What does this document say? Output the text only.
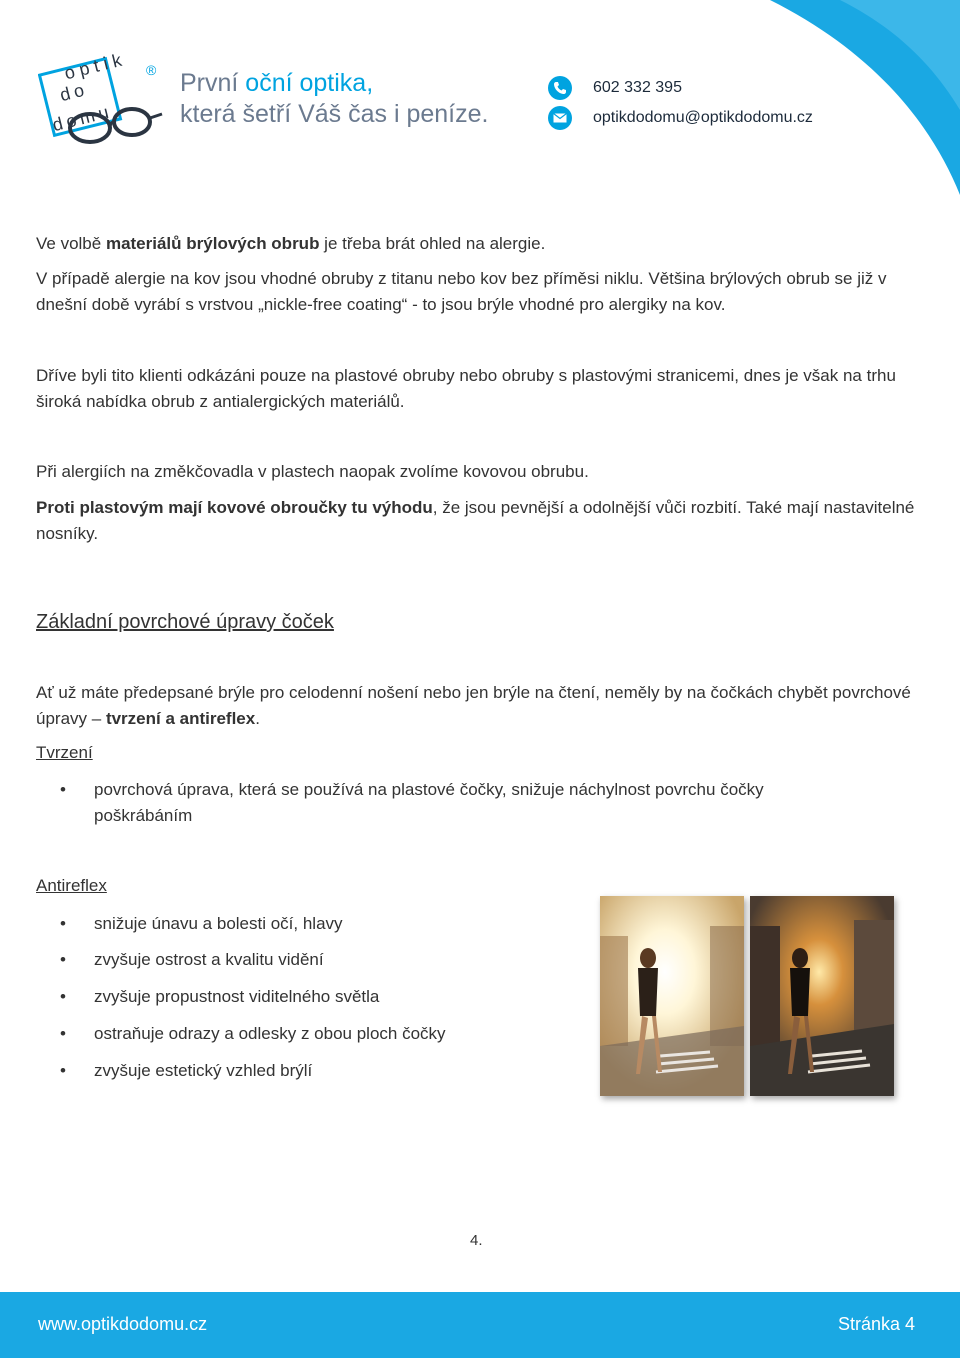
optik
do
domu
® První oční optika,
která šetří Váš čas i peníze.
602 332 395
optikdodomu@optikdodomu.cz
Ve volbě materiálů brýlových obrub je třeba brát ohled na alergie.
V případě alergie na kov jsou vhodné obruby z titanu nebo kov bez příměsi niklu. Většina brýlových obrub se již v dnešní době vyrábí s vrstvou „nickle-free coating“ - to jsou brýle vhodné pro alergiky na kov.
Dříve byli tito klienti odkázáni pouze na plastové obruby nebo obruby s plastovými stranicemi, dnes je však na trhu široká nabídka obrub z antialergických materiálů.
Při alergiích na změkčovadla v plastech naopak zvolíme kovovou obrubu.
Proti plastovým mají kovové obroučky tu výhodu, že jsou pevnější a odolnější vůči rozbití. Také mají nastavitelné nosníky.
Základní povrchové úpravy čoček
Ať už máte předepsané brýle pro celodenní nošení nebo jen brýle na čtení, neměly by na čočkách chybět povrchové úpravy – tvrzení a antireflex.
Tvrzení
• povrchová úprava, která se používá na plastové čočky, snižuje náchylnost povrchu čočky poškrábáním
Antireflex
• snižuje únavu a bolesti očí, hlavy
• zvyšuje ostrost a kvalitu vidění
• zvyšuje propustnost viditelného světla
• ostraňuje odrazy a odlesky z obou ploch čočky
• zvyšuje estetický vzhled brýlí
4.
www.optikdodomu.cz	Stránka 4
